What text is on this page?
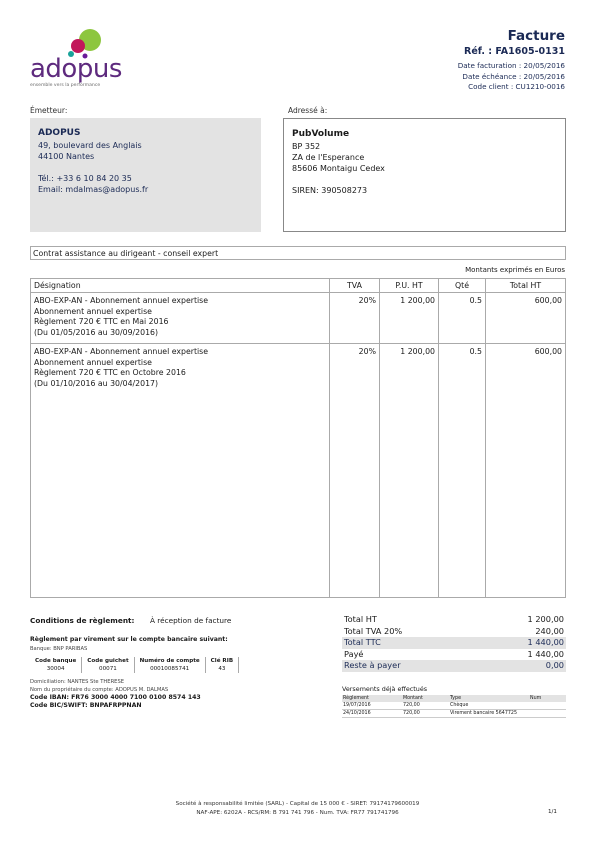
adopus
ensemble vers la performance
Facture
Réf. : FA1605-0131
Date facturation : 20/05/2016
Date échéance : 20/05/2016
Code client : CU1210-0016
Émetteur:	Adressé à:
ADOPUS
49, boulevard des Anglais
44100 Nantes
Tél.: +33 6 10 84 20 35
Email: mdalmas@adopus.fr
PubVolume
BP 352
ZA de l'Esperance
85606 Montaigu Cedex
SIREN: 390508273
Contrat assistance au dirigeant - conseil expert
Montants exprimés en Euros
Désignation	TVA	P.U. HT	Qté	Total HT

ABO-EXP-AN - Abonnement annuel expertise
Abonnement annuel expertise
Règlement 720 € TTC en Mai 2016
(Du 01/05/2016 au 30/09/2016)	20%	1 200,00	0.5	600,00

ABO-EXP-AN - Abonnement annuel expertise
Abonnement annuel expertise
Règlement 720 € TTC en Octobre 2016
(Du 01/10/2016 au 30/04/2017)	20%	1 200,00	0.5	600,00
Conditions de règlement: À réception de facture
Règlement par virement sur le compte bancaire suivant:
Banque: BNP PARIBAS
Code banque	Code guichet	Numéro de compte	Clé RIB
30004	00071	00010085741	43
Domiciliation: NANTES Ste THERESE
Nom du propriétaire du compte: ADOPUS M. DALMAS
Code IBAN: FR76 3000 4000 7100 0100 8574 143
Code BIC/SWIFT: BNPAFRPPNAN
Total HT	1 200,00
Total TVA 20%	240,00
Total TTC	1 440,00
Payé	1 440,00
Reste à payer	0,00
Versements déjà effectués
Règlement	Montant	Type	Num
19/07/2016	720,00	Chèque	
24/10/2016	720,00	Virement bancaire 5647725	
Société à responsabilité limitée (SARL) - Capital de 15 000 € - SIRET: 79174179600019
NAF-APE: 6202A - RCS/RM: B 791 741 796 - Num. TVA: FR77 791741796	1/1
